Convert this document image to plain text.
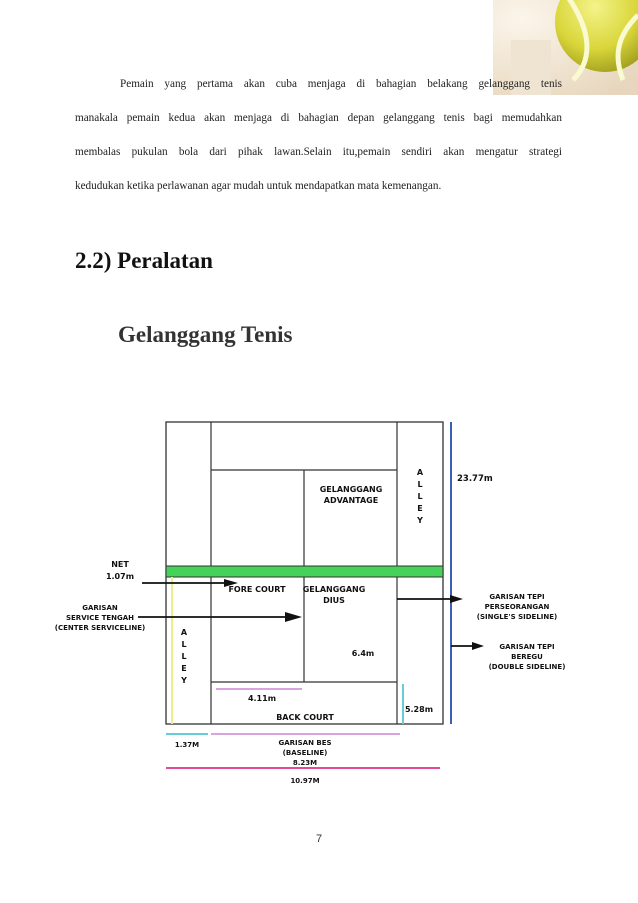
Pemain yang pertama akan cuba menjaga di bahagian belakang gelanggang tenis
manakala pemain kedua akan menjaga di bahagian depan gelanggang tenis bagi memudahkan
membalas pukulan bola dari pihak lawan.Selain itu,pemain sendiri akan mengatur strategi
kedudukan ketika perlawanan agar mudah untuk mendapatkan mata kemenangan.
2.2) Peralatan
Gelanggang Tenis
GELANGGANG
ADVANTAGE
A
L
L
E
Y
23.77m
NET
1.07m
FORE COURT GELANGGANG
DIUS
GARISAN
SERVICE TENGAH
(CENTER SERVICELINE)	A
L
L
E
Y
GARISAN TEPI
PERSEORANGAN
(SINGLE'S SIDELINE)
GARISAN TEPI
BEREGU
(DOUBLE SIDELINE)
6.4m
4.11m
5.28m
BACK COURT
1.37M	GARISAN BES
(BASELINE)
8.23M
10.97M
7
